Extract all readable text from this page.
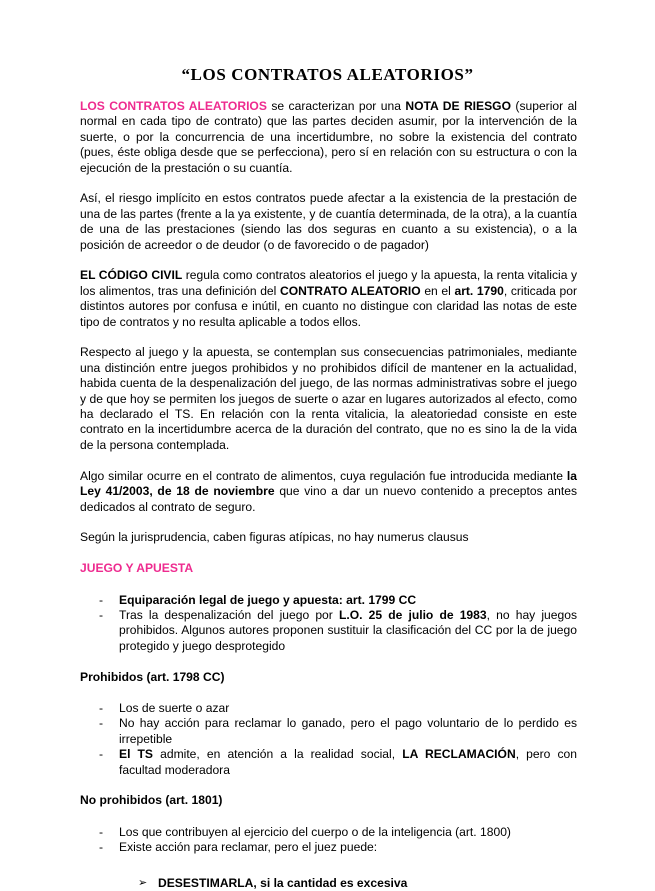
“LOS CONTRATOS ALEATORIOS”

LOS CONTRATOS ALEATORIOS se caracterizan por una NOTA DE RIESGO (superior al normal en cada tipo de contrato) que las partes deciden asumir, por la intervención de la suerte, o por la concurrencia de una incertidumbre, no sobre la existencia del contrato (pues, éste obliga desde que se perfecciona), pero sí en relación con su estructura o con la ejecución de la prestación o su cuantía.

Así, el riesgo implícito en estos contratos puede afectar a la existencia de la prestación de una de las partes (frente a la ya existente, y de cuantía determinada, de la otra), a la cuantía de una de las prestaciones (siendo las dos seguras en cuanto a su existencia), o a la posición de acreedor o de deudor (o de favorecido o de pagador)

EL CÓDIGO CIVIL regula como contratos aleatorios el juego y la apuesta, la renta vitalicia y los alimentos, tras una definición del CONTRATO ALEATORIO en el art. 1790, criticada por distintos autores por confusa e inútil, en cuanto no distingue con claridad las notas de este tipo de contratos y no resulta aplicable a todos ellos.

Respecto al juego y la apuesta, se contemplan sus consecuencias patrimoniales, mediante una distinción entre juegos prohibidos y no prohibidos difícil de mantener en la actualidad, habida cuenta de la despenalización del juego, de las normas administrativas sobre el juego y de que hoy se permiten los juegos de suerte o azar en lugares autorizados al efecto, como ha declarado el TS. En relación con la renta vitalicia, la aleatoriedad consiste en este contrato en la incertidumbre acerca de la duración del contrato, que no es sino la de la vida de la persona contemplada.

Algo similar ocurre en el contrato de alimentos, cuya regulación fue introducida mediante la Ley 41/2003, de 18 de noviembre que vino a dar un nuevo contenido a preceptos antes dedicados al contrato de seguro.

Según la jurisprudencia, caben figuras atípicas, no hay numerus clausus

JUEGO Y APUESTA

- Equiparación legal de juego y apuesta: art. 1799 CC
- Tras la despenalización del juego por L.O. 25 de julio de 1983, no hay juegos prohibidos. Algunos autores proponen sustituir la clasificación del CC por la de juego protegido y juego desprotegido

Prohibidos (art. 1798 CC)

- Los de suerte o azar
- No hay acción para reclamar lo ganado, pero el pago voluntario de lo perdido es irrepetible
- El TS admite, en atención a la realidad social, LA RECLAMACIÓN, pero con facultad moderadora

No prohibidos (art. 1801)

- Los que contribuyen al ejercicio del cuerpo o de la inteligencia (art. 1800)
- Existe acción para reclamar, pero el juez puede:
➢ DESESTIMARLA, si la cantidad es excesiva
